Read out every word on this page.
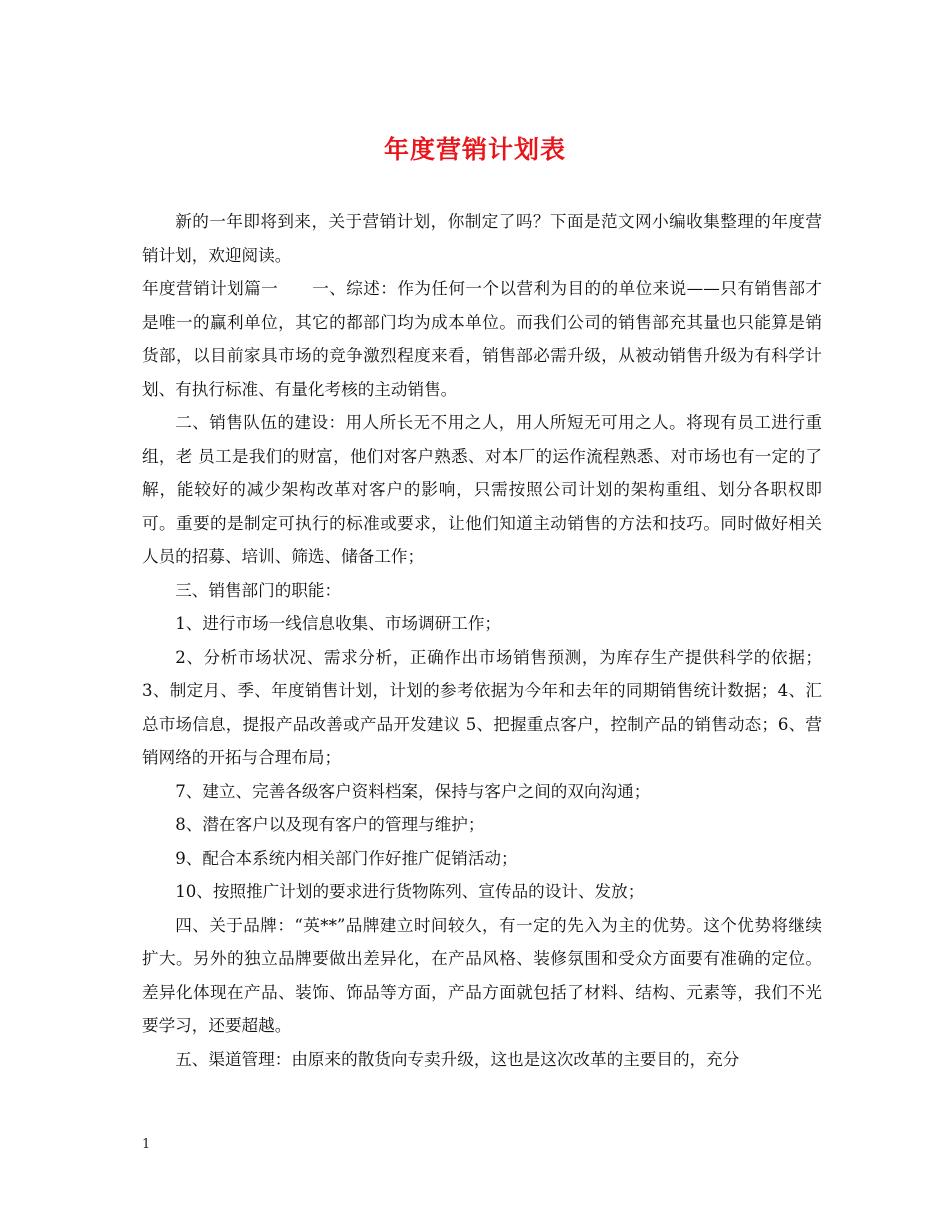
年度营销计划表

新的一年即将到来，关于营销计划，你制定了吗？下面是范文网小编收集整理的年度营销计划，欢迎阅读。

年度营销计划篇一　　一、综述：作为任何一个以营利为目的的单位来说——只有销售部才是唯一的赢利单位，其它的都部门均为成本单位。而我们公司的销售部充其量也只能算是销货部，以目前家具市场的竞争激烈程度来看，销售部必需升级，从被动销售升级为有科学计划、有执行标准、有量化考核的主动销售。

二、销售队伍的建设：用人所长无不用之人，用人所短无可用之人。将现有员工进行重组，老 员工是我们的财富，他们对客户熟悉、对本厂的运作流程熟悉、对市场也有一定的了解，能较好的减少架构改革对客户的影响，只需按照公司计划的架构重组、划分各职权即可。重要的是制定可执行的标准或要求，让他们知道主动销售的方法和技巧。同时做好相关人员的招募、培训、筛选、储备工作；

三、销售部门的职能：

1、进行市场一线信息收集、市场调研工作；

2、分析市场状况、需求分析，正确作出市场销售预测，为库存生产提供科学的依据；3、制定月、季、年度销售计划，计划的参考依据为今年和去年的同期销售统计数据；4、汇总市场信息，提报产品改善或产品开发建议 5、把握重点客户，控制产品的销售动态；6、营销网络的开拓与合理布局；

7、建立、完善各级客户资料档案，保持与客户之间的双向沟通；

8、潜在客户以及现有客户的管理与维护；

9、配合本系统内相关部门作好推广促销活动；

10、按照推广计划的要求进行货物陈列、宣传品的设计、发放；

四、关于品牌：“英**”品牌建立时间较久，有一定的先入为主的优势。这个优势将继续扩大。另外的独立品牌要做出差异化，在产品风格、装修氛围和受众方面要有准确的定位。差异化体现在产品、装饰、饰品等方面，产品方面就包括了材料、结构、元素等，我们不光要学习，还要超越。

五、渠道管理：由原来的散货向专卖升级，这也是这次改革的主要目的，充分

1
